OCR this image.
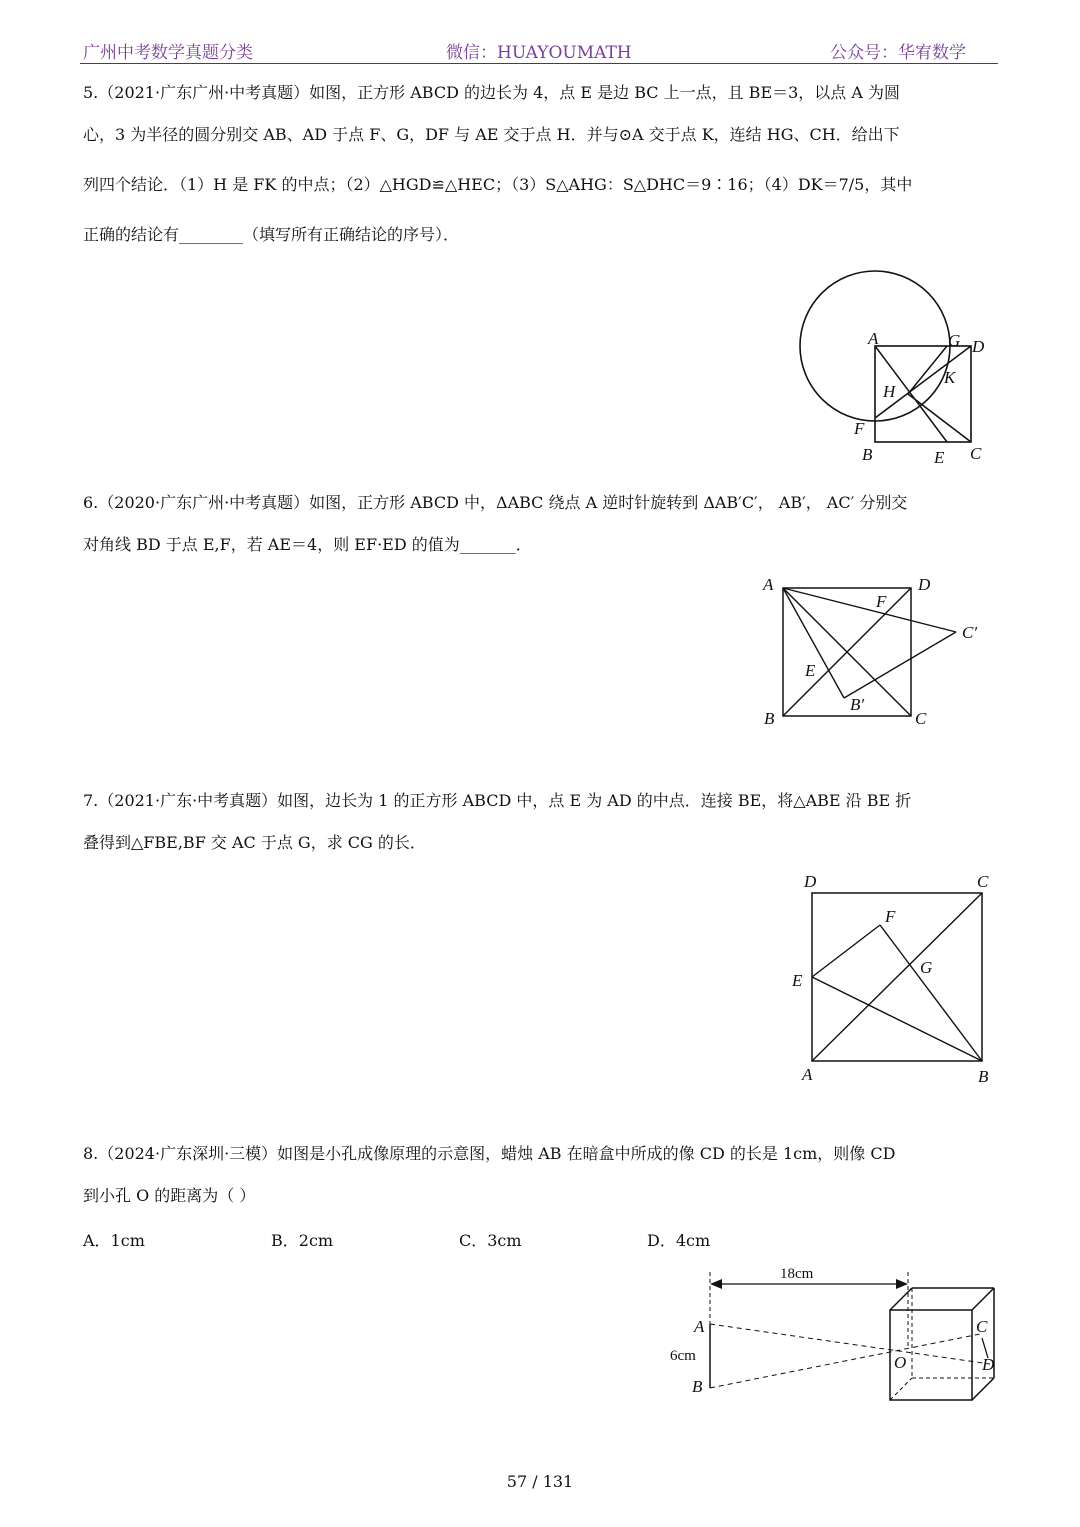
广州中考数学真题分类	微信：HUAYOUMATH	公众号：华宥数学
5.（2021·广东广州·中考真题）如图，正方形 ABCD 的边长为 4，点 E 是边 BC 上一点，且 BE＝3，以点 A 为圆
心，3 为半径的圆分别交 AB、AD 于点 F、G，DF 与 AE 交于点 H．并与⊙A 交于点 K，连结 HG、CH．给出下
列四个结论．（1）H 是 FK 的中点；（2）△HGD≌△HEC；（3）S△AHG：S△DHC＝9∶16；（4）DK＝7/5，其中
正确的结论有________（填写所有正确结论的序号）．
A	G D
K
H
F
B	E C
6.（2020·广东广州·中考真题）如图，正方形 ABCD 中，ΔABC 绕点 A 逆时针旋转到 ΔAB′C′， AB′， AC′ 分别交
对角线 BD 于点 E,F，若 AE＝4，则 EF·ED 的值为_______．
A	D
F
C′
E
B′
B	C
7.（2021·广东·中考真题）如图，边长为 1 的正方形 ABCD 中，点 E 为 AD 的中点．连接 BE，将△ABE 沿 BE 折
叠得到△FBE,BF 交 AC 于点 G，求 CG 的长．
D	C
F
G
E
A	B
8.（2024·广东深圳·三模）如图是小孔成像原理的示意图，蜡烛 AB 在暗盒中所成的像 CD 的长是 1cm，则像 CD
到小孔 O 的距离为（ ）
A．1cm	B．2cm	C．3cm	D．4cm
18cm
A
B
6cm
C
D
O
57 / 131
